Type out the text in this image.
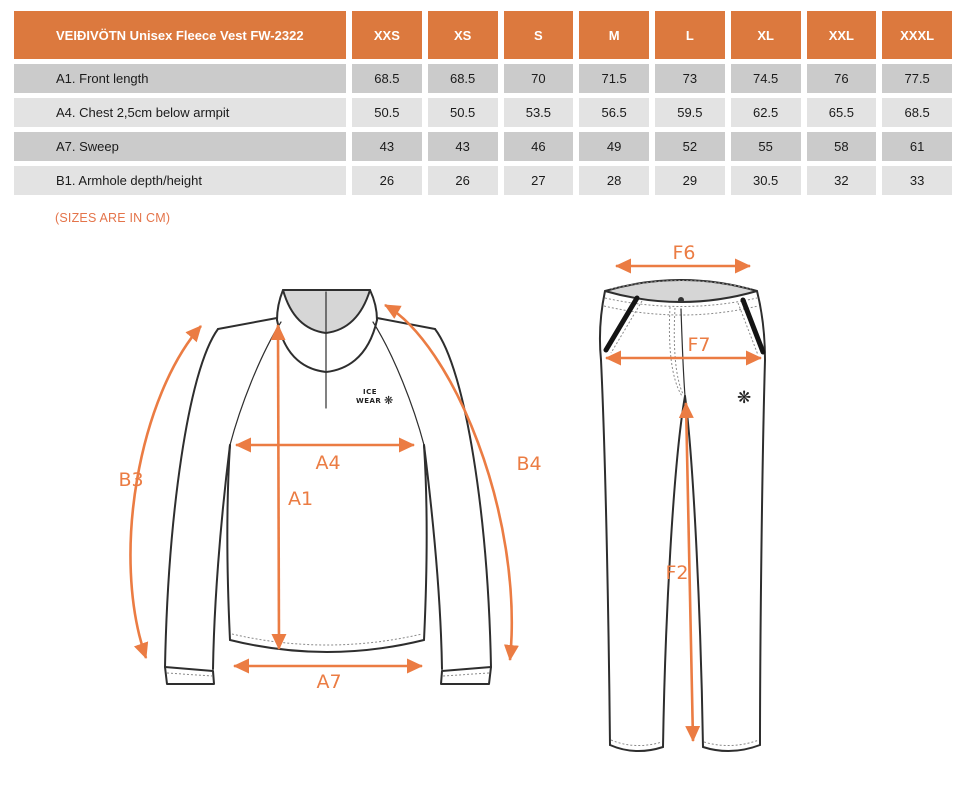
VEIÐIVÖTN Unisex Fleece Vest FW-2322	XXS	XS	S	M	L	XL	XXL	XXXL
A1. Front length	68.5	68.5	70	71.5	73	74.5	76	77.5
A4. Chest 2,5cm below armpit	50.5	50.5	53.5	56.5	59.5	62.5	65.5	68.5
A7. Sweep	43	43	46	49	52	55	58	61
B1. Armhole depth/height	26	26	27	28	29	30.5	32	33
(SIZES ARE IN CM)
ICE
WEAR ❋
B3
A4
A1
B4
A7
❋
F6
F7
F2
